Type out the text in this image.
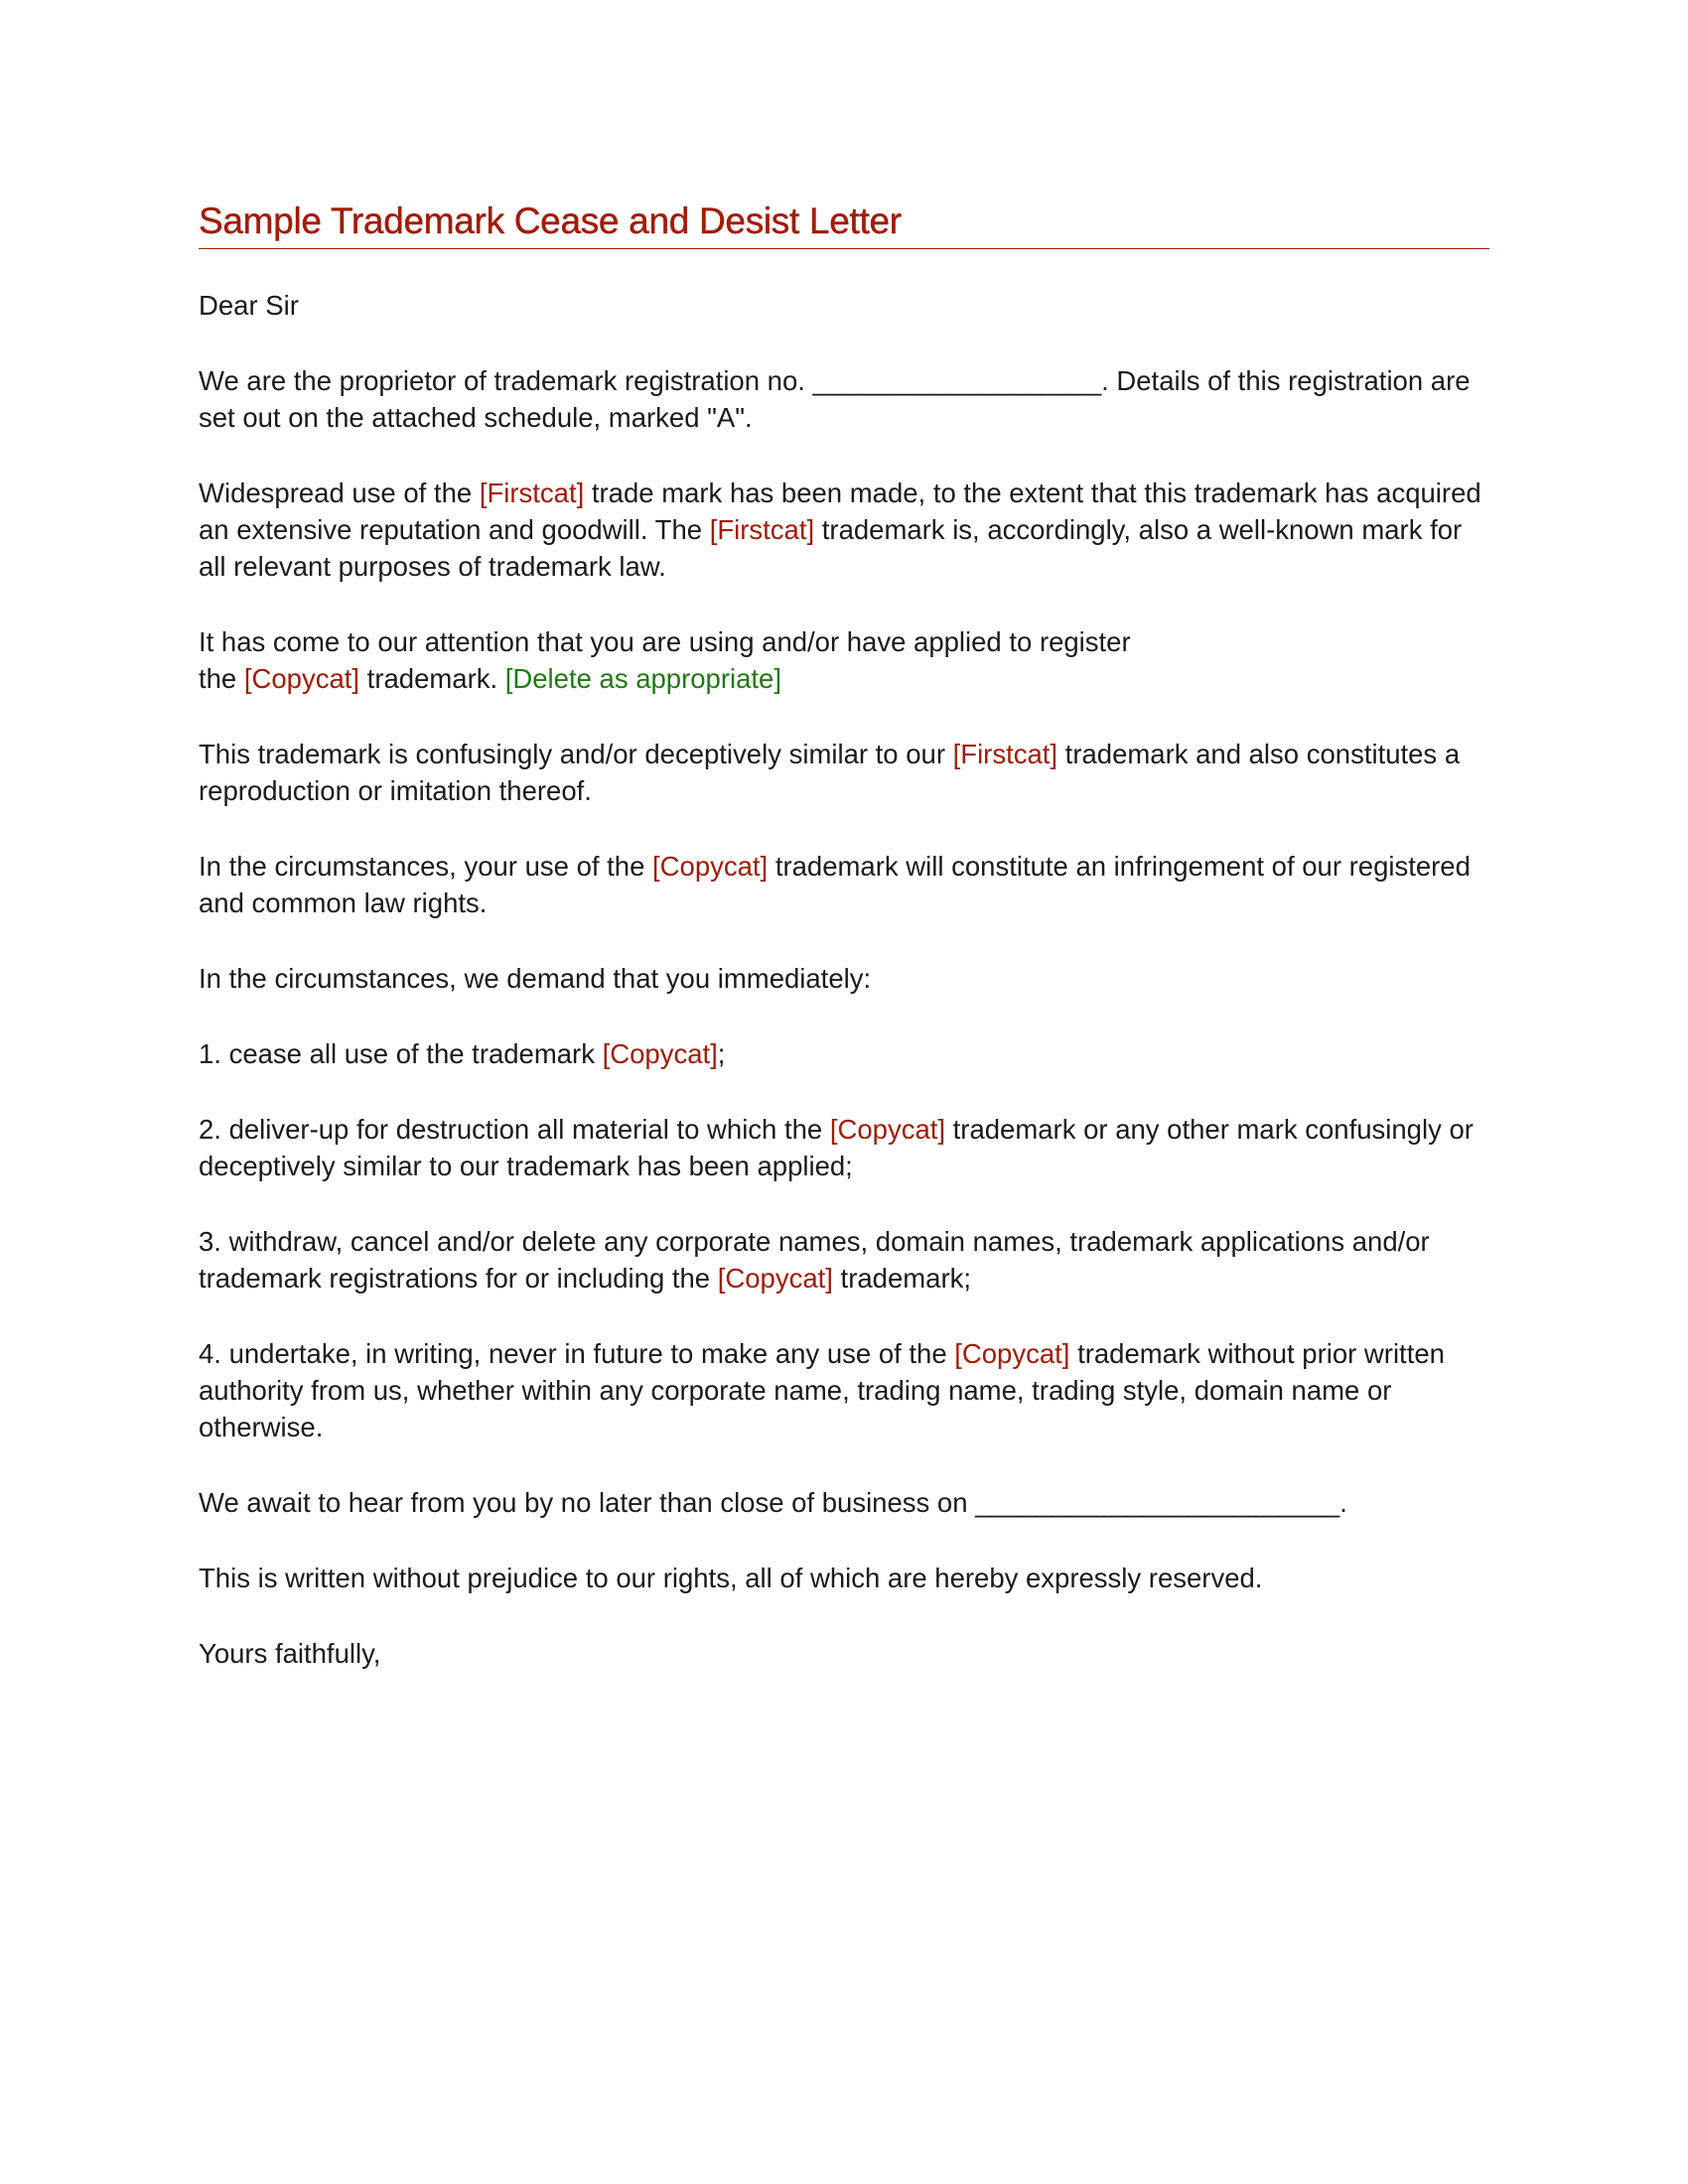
Sample Trademark Cease and Desist Letter

Dear Sir

We are the proprietor of trademark registration no. ___________________. Details of this registration are set out on the attached schedule, marked "A".

Widespread use of the [Firstcat] trade mark has been made, to the extent that this trademark has acquired an extensive reputation and goodwill. The [Firstcat] trademark is, accordingly, also a well-known mark for all relevant purposes of trademark law.

It has come to our attention that you are using and/or have applied to register
the [Copycat] trademark. [Delete as appropriate]

This trademark is confusingly and/or deceptively similar to our [Firstcat] trademark and also constitutes a reproduction or imitation thereof.

In the circumstances, your use of the [Copycat] trademark will constitute an infringement of our registered and common law rights.

In the circumstances, we demand that you immediately:

1. cease all use of the trademark [Copycat];

2. deliver-up for destruction all material to which the [Copycat] trademark or any other mark confusingly or deceptively similar to our trademark has been applied;

3. withdraw, cancel and/or delete any corporate names, domain names, trademark applications and/or trademark registrations for or including the [Copycat] trademark;

4. undertake, in writing, never in future to make any use of the [Copycat] trademark without prior written authority from us, whether within any corporate name, trading name, trading style, domain name or otherwise.

We await to hear from you by no later than close of business on ________________________.

This is written without prejudice to our rights, all of which are hereby expressly reserved.

Yours faithfully,
